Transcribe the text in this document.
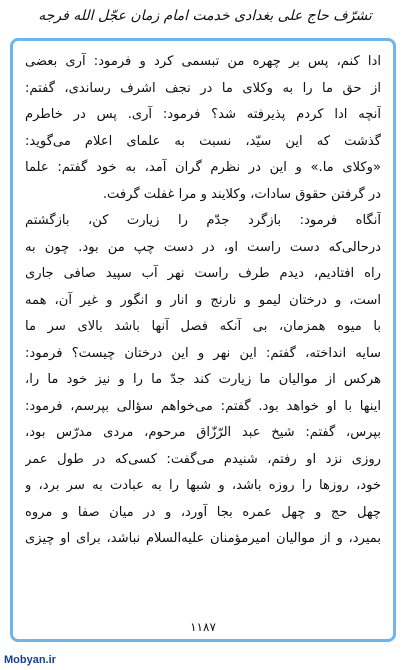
تشرّف حاج علی بغدادی خدمت امام زمان عجّل الله فرجه
ادا کنم، پس بر چهره من تبسمی کرد و فرمود: آری بعضی
از حق ما را به وکلای ما در نجف اشرف رساندی، گفتم:
آنچه ادا کردم پذیرفته شد؟ فرمود: آری. پس در خاطرم
گذشت که این سیّد، نسبت به علمای اعلام می‌گوید:
«وکلای ما.» و این در نظرم گران آمد، به خود گفتم: علما
در گرفتن حقوق سادات، وکلایند و مرا غفلت گرفت.
آنگاه فرمود: بازگرد جدّم را زیارت کن، بازگشتم
درحالی‌که دست راست او، در دست چپ من بود. چون به
راه افتادیم، دیدم طرف راست نهر آب سپید صافی جاری
است، و درختان لیمو و نارنج و انار و انگور و غیر آن، همه
با میوه همزمان، بی آنکه فصل آنها باشد بالای سر ما
سایه انداخته، گفتم: این نهر و این درختان چیست؟ فرمود:
هرکس از موالیان ما زیارت کند جدّ ما را و نیز خود ما را،
اینها با او خواهد بود. گفتم: می‌خواهم سؤالی بپرسم، فرمود:
بپرس، گفتم: شیخ عبد الرّزّاق مرحوم، مردی مدرّس بود،
روزی نزد او رفتم، شنیدم می‌گفت: کسی‌که در طول عمر
خود، روزها را روزه باشد، و شبها را به عبادت به سر برد، و
چهل حج و چهل عمره بجا آورد، و در میان صفا و مروه
بمیرد، و از موالیان امیرمؤمنان علیه‌السلام نباشد، برای او چیزی
۱۱۸۷
Mobyan.ir
